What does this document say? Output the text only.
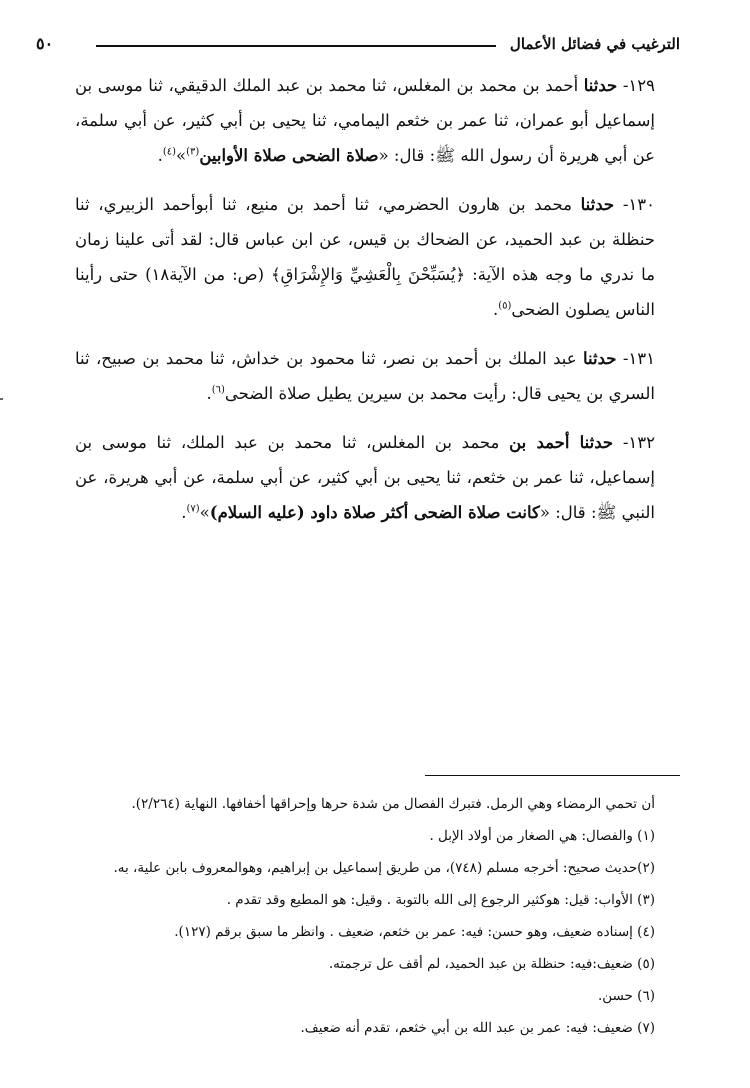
الترغيب في فضائل الأعمال
٥٠

١٢٩- حدثنا أحمد بن محمد بن المغلس، ثنا محمد بن عبد الملك الدقيقي، ثنا موسى بن إسماعيل أبو عمران، ثنا عمر بن خثعم اليمامي، ثنا يحيى بن أبي كثير، عن أبي سلمة، عن أبي هريرة أن رسول الله ﷺ: قال: «صلاة الضحى صلاة الأوابين$^{(٣)}$»$^{(٤)}$.

١٣٠- حدثنا محمد بن هارون الحضرمي، ثنا أحمد بن منيع، ثنا أبوأحمد الزبيري، ثنا حنظلة بن عبد الحميد، عن الضحاك بن قيس، عن ابن عباس قال: لقد أتى علينا زمان ما ندري ما وجه هذه الآية: ﴿يُسَبِّحْنَ بِالْعَشِيِّ وَالإِشْرَاقِ﴾ (ص: من الآية١٨) حتى رأينا الناس يصلون الضحى$^{(٥)}$.

١٣١- حدثنا عبد الملك بن أحمد بن نصر، ثنا محمود بن خداش، ثنا محمد بن صبيح، ثنا السري بن يحيى قال: رأيت محمد بن سيرين يطيل صلاة الضحى$^{(٦)}$.

١٣٢- حدثنا أحمد بن محمد بن المغلس، ثنا محمد بن عبد الملك، ثنا موسى بن إسماعيل، ثنا عمر بن خثعم، ثنا يحيى بن أبي كثير، عن أبي سلمة، عن أبي هريرة، عن النبي ﷺ: قال: «كانت صلاة الضحى أكثر صلاة داود (عليه السلام)»$^{(٧)}$.

أن تحمي الرمضاء وهي الرمل. فتبرك الفصال من شدة حرها وإحراقها أخفافها. النهاية (٢/٢٦٤).

(١) والفصال: هي الصغار من أولاد الإبل .

(٢)حديث صحيح: أخرجه مسلم (٧٤٨)، من طريق إسماعيل بن إبراهيم، وهوالمعروف بابن علية، به.

(٣) الأواب: قيل: هوكثير الرجوع إلى الله بالتوبة . وقيل: هو المطيع وقد تقدم .

(٤) إسناده ضعيف، وهو حسن: فيه: عمر بن خثعم، ضعيف . وانظر ما سبق برقم (١٢٧).

(٥) ضعيف:فيه: حنظلة بن عبد الحميد، لم أقف عل ترجمته.

(٦) حسن.

(٧) ضعيف: فيه: عمر بن عبد الله بن أبي خثعم، تقدم أنه ضعيف.
